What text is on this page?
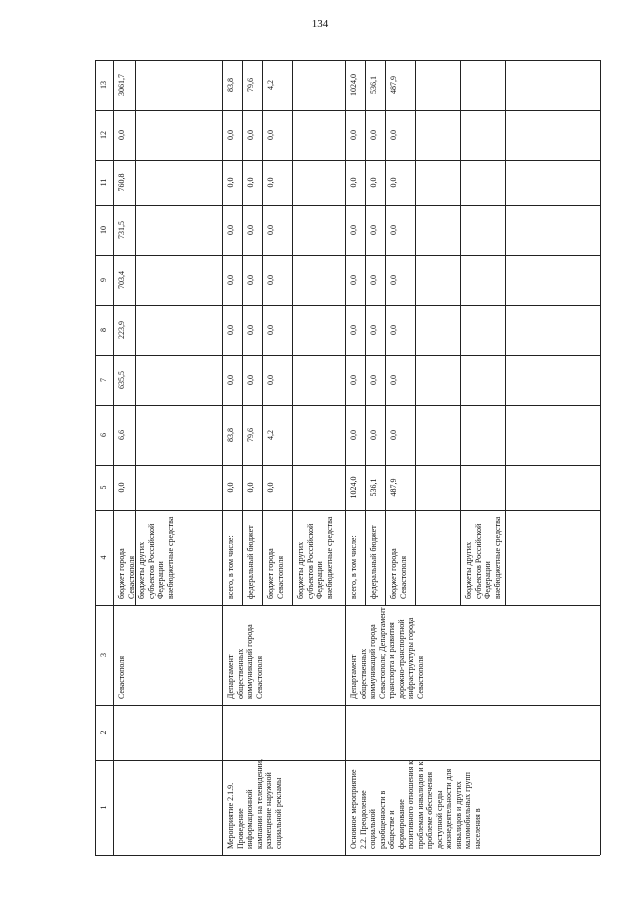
134
1
2
3
4
5
6
7
8
9
10
11
12
13
Севастополя
бюджет города Севастополя бюджеты других субъектов Российской Федерации
внебюджетные средства
0,0
6,6
635,5
223,9
703,4
731,5
760,8
0,0
3061,7
Мероприятие 2.1.9. Проведение информационной кампании на телевидении, размещение наружной социальной рекламы
Департамент общественных коммуникаций города Севастополя
всего, в том числе:
0,0
83,8
0,0
0,0
0,0
0,0
0,0
0,0
83,8
федеральный бюджет
0,0
79,6
0,0
0,0
0,0
0,0
0,0
0,0
79,6
бюджет города Севастополя
0,0
4,2
0,0
0,0
0,0
0,0
0,0
0,0
4,2
бюджеты других субъектов Российской Федерации
внебюджетные средства
Основное мероприятие 2.2. Преодоление социальной разобщенности в обществе и формирование позитивного отношения к проблемам инвалидов и к проблеме обеспечения доступной среды жизнедеятельности для инвалидов и других маломобильных групп населения в
Департамент общественных коммуникаций города Севастополя; Департамент транспорта и развития дорожно-транспортной инфраструктуры города Севастополя
всего, в том числе:
1024,0
0,0
0,0
0,0
0,0
0,0
0,0
0,0
1024,0
федеральный бюджет
536,1
0,0
0,0
0,0
0,0
0,0
0,0
0,0
536,1
бюджет города Севастополя
487,9
0,0
0,0
0,0
0,0
0,0
0,0
0,0
487,9
бюджеты других субъектов Российской Федерации
внебюджетные средства
